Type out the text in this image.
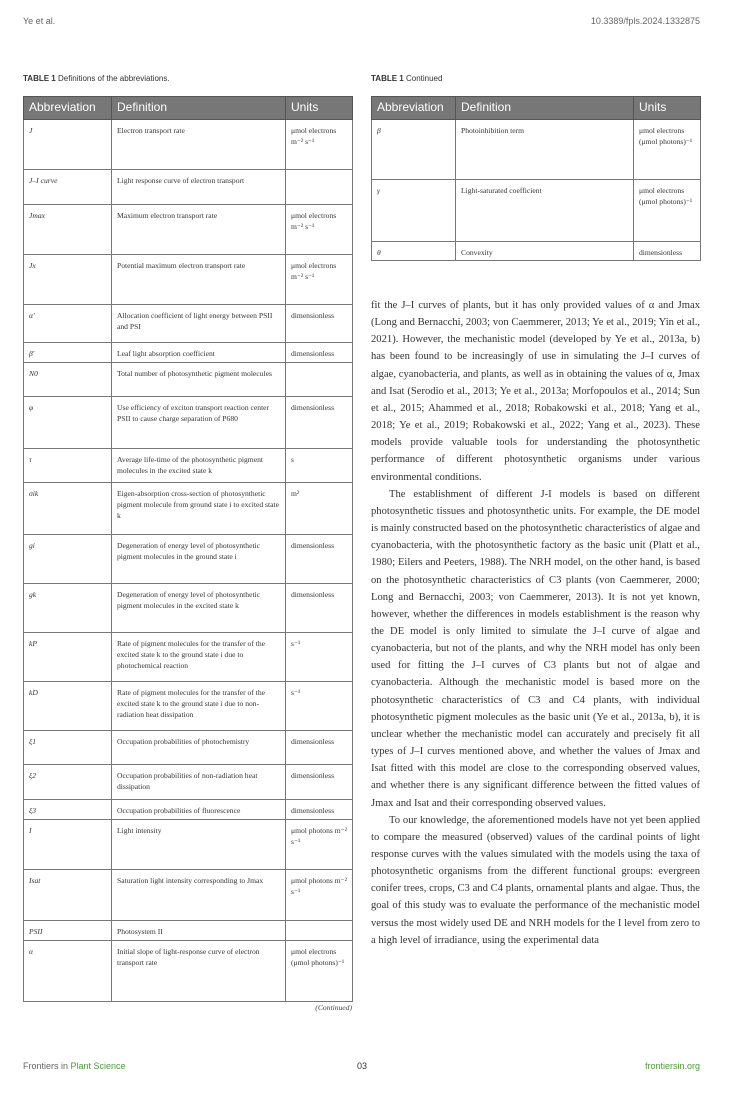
Ye et al.	10.3389/fpls.2024.1332875
TABLE 1 Definitions of the abbreviations.
Abbreviation	Definition	Units
J	Electron transport rate	μmol electrons m⁻² s⁻¹
J–I curve	Light response curve of electron transport	
Jmax	Maximum electron transport rate	μmol electrons m⁻² s⁻¹
Jx	Potential maximum electron transport rate	μmol electrons m⁻² s⁻¹
α′	Allocation coefficient of light energy between PSII and PSI	dimensionless
β′	Leaf light absorption coefficient	dimensionless
N0	Total number of photosynthetic pigment molecules	
φ	Use efficiency of exciton transport reaction center PSII to cause charge separation of P680	dimensionless
τ	Average life-time of the photosynthetic pigment molecules in the excited state k	s
σik	Eigen-absorption cross-section of photosynthetic pigment molecule from ground state i to excited state k	m²
gi	Degeneration of energy level of photosynthetic pigment molecules in the ground state i	dimensionless
gk	Degeneration of energy level of photosynthetic pigment molecules in the excited state k	dimensionless
kP	Rate of pigment molecules for the transfer of the excited state k to the ground state i due to photochemical reaction	s⁻¹
kD	Rate of pigment molecules for the transfer of the excited state k to the ground state i due to non-radiation heat dissipation	s⁻¹
ξ1	Occupation probabilities of photochemistry	dimensionless
ξ2	Occupation probabilities of non-radiation heat dissipation	dimensionless
ξ3	Occupation probabilities of fluorescence	dimensionless
I	Light intensity	μmol photons m⁻² s⁻¹
Isat	Saturation light intensity corresponding to Jmax	μmol photons m⁻² s⁻¹
PSII	Photosystem II	
α	Initial slope of light-response curve of electron transport rate	μmol electrons (μmol photons)⁻¹
(Continued)
TABLE 1 Continued
Abbreviation	Definition	Units
β	Photoinhibition term	μmol electrons (μmol photons)⁻¹
γ	Light-saturated coefficient	μmol electrons (μmol photons)⁻¹
θ	Convexity	dimensionless

fit the J–I curves of plants, but it has only provided values of α and Jmax (Long and Bernacchi, 2003; von Caemmerer, 2013; Ye et al., 2019; Yin et al., 2021). However, the mechanistic model (developed by Ye et al., 2013a, b) has been found to be increasingly of use in simulating the J–I curves of algae, cyanobacteria, and plants, as well as in obtaining the values of α, Jmax and Isat (Serodio et al., 2013; Ye et al., 2013a; Morfopoulos et al., 2014; Sun et al., 2015; Ahammed et al., 2018; Robakowski et al., 2018; Yang et al., 2018; Ye et al., 2019; Robakowski et al., 2022; Yang et al., 2023). These models provide valuable tools for understanding the photosynthetic performance of different photosynthetic organisms under various environmental conditions.

The establishment of different J-I models is based on different photosynthetic tissues and photosynthetic units. For example, the DE model is mainly constructed based on the photosynthetic characteristics of algae and cyanobacteria, with the photosynthetic factory as the basic unit (Platt et al., 1980; Eilers and Peeters, 1988). The NRH model, on the other hand, is based on the photosynthetic characteristics of C3 plants (von Caemmerer, 2000; Long and Bernacchi, 2003; von Caemmerer, 2013). It is not yet known, however, whether the differences in models establishment is the reason why the DE model is only limited to simulate the J–I curve of algae and cyanobacteria, but not of the plants, and why the NRH model has only been used for fitting the J–I curves of C3 plants but not of algae and cyanobacteria. Although the mechanistic model is based more on the photosynthetic characteristics of C3 and C4 plants, with individual photosynthetic pigment molecules as the basic unit (Ye et al., 2013a, b), it is unclear whether the mechanistic model can accurately and precisely fit all types of J–I curves mentioned above, and whether the values of Jmax and Isat fitted with this model are close to the corresponding observed values, and whether there is any significant difference between the fitted values of Jmax and Isat and their corresponding observed values.

To our knowledge, the aforementioned models have not yet been applied to compare the measured (observed) values of the cardinal points of light response curves with the values simulated with the models using the taxa of photosynthetic organisms from the different functional groups: evergreen conifer trees, crops, C3 and C4 plants, ornamental plants and algae. Thus, the goal of this study was to evaluate the performance of the mechanistic model versus the most widely used DE and NRH models for the I level from zero to a high level of irradiance, using the experimental data

Frontiers in Plant Science	03	frontiersin.org
